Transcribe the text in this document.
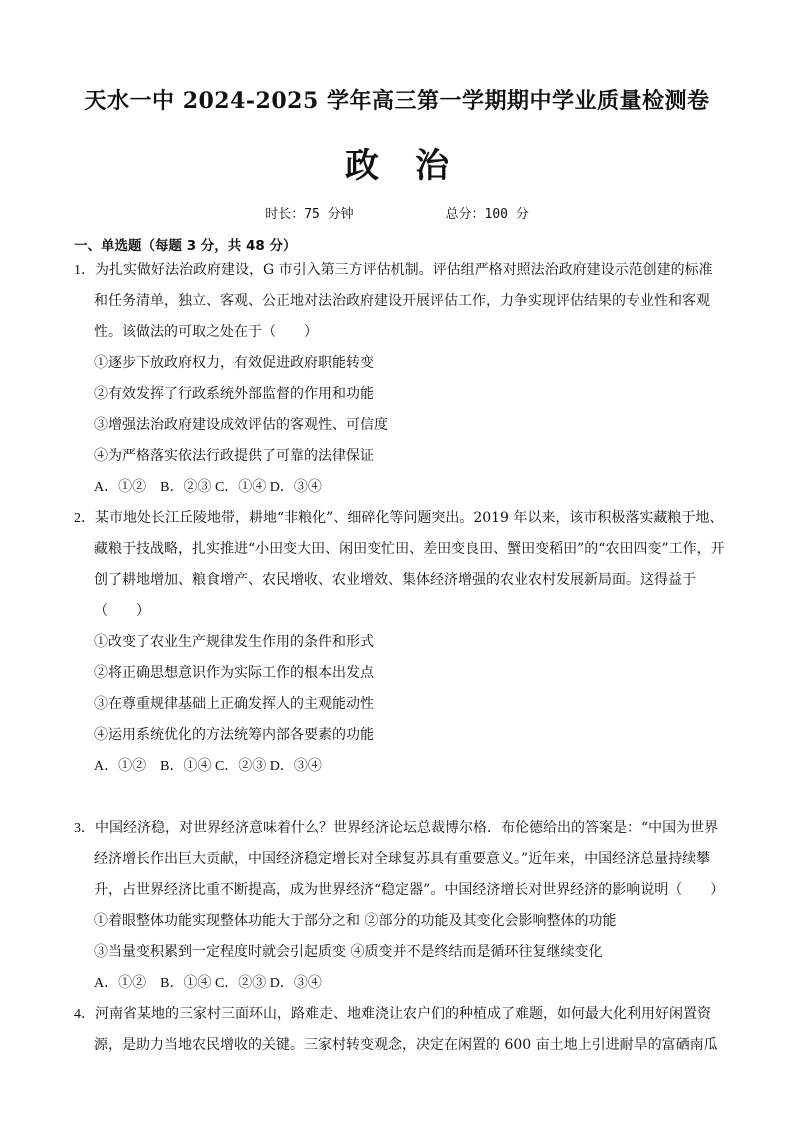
天水一中 2024-2025 学年高三第一学期期中学业质量检测卷
政治
时长：75 分钟	总分：100 分
一、单选题（每题 3 分，共 48 分）
1．为扎实做好法治政府建设，G 市引入第三方评估机制。评估组严格对照法治政府建设示范创建的标准
和任务清单，独立、客观、公正地对法治政府建设开展评估工作，力争实现评估结果的专业性和客观
性。该做法的可取之处在于（　　）
①逐步下放政府权力，有效促进政府职能转变
②有效发挥了行政系统外部监督的作用和功能
③增强法治政府建设成效评估的客观性、可信度
④为严格落实依法行政提供了可靠的法律保证
A．①②　B．②③ C．①④ D．③④
2．某市地处长江丘陵地带，耕地“非粮化”、细碎化等问题突出。2019 年以来，该市积极落实藏粮于地、
藏粮于技战略，扎实推进“小田变大田、闲田变忙田、差田变良田、蟹田变稻田”的“农田四变”工作，开
创了耕地增加、粮食增产、农民增收、农业增效、集体经济增强的农业农村发展新局面。这得益于
（　　）
①改变了农业生产规律发生作用的条件和形式
②将正确思想意识作为实际工作的根本出发点
③在尊重规律基础上正确发挥人的主观能动性
④运用系统优化的方法统筹内部各要素的功能
A．①②　B．①④ C．②③ D．③④
3．中国经济稳，对世界经济意味着什么？世界经济论坛总裁博尔格．布伦德给出的答案是：“中国为世界
经济增长作出巨大贡献，中国经济稳定增长对全球复苏具有重要意义。”近年来，中国经济总量持续攀
升，占世界经济比重不断提高，成为世界经济“稳定器”。中国经济增长对世界经济的影响说明（　　）
①着眼整体功能实现整体功能大于部分之和 ②部分的功能及其变化会影响整体的功能
③当量变积累到一定程度时就会引起质变 ④质变并不是终结而是循环往复继续变化
A．①②　B．①④ C．②③ D．③④
4．河南省某地的三家村三面环山，路难走、地难浇让农户们的种植成了难题，如何最大化利用好闲置资
源，是助力当地农民增收的关键。三家村转变观念，决定在闲置的 600 亩土地上引进耐旱的富硒南瓜
